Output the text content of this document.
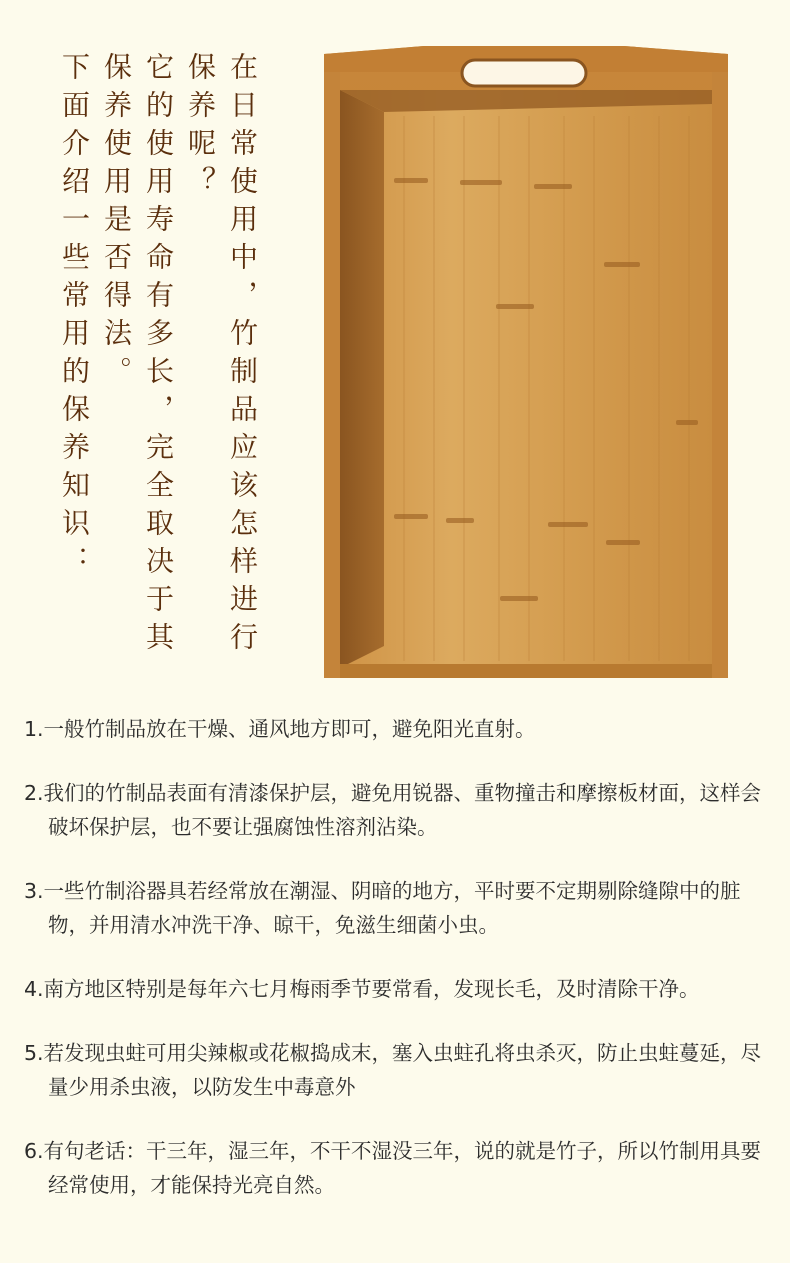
在日常使用中，竹制品应该怎样进行
保养呢？
它的使用寿命有多长，完全取决于其
保养使用是否得法。
下面介绍一些常用的保养知识：
1.一般竹制品放在干燥、通风地方即可，避免阳光直射。
2.我们的竹制品表面有清漆保护层，避免用锐器、重物撞击和摩擦板材面，这样会破坏保护层，也不要让强腐蚀性溶剂沾染。
3.一些竹制浴器具若经常放在潮湿、阴暗的地方，平时要不定期剔除缝隙中的脏物，并用清水冲洗干净、晾干，免滋生细菌小虫。
4.南方地区特别是每年六七月梅雨季节要常看，发现长毛，及时清除干净。
5.若发现虫蛀可用尖辣椒或花椒捣成末，塞入虫蛀孔将虫杀灭，防止虫蛀蔓延，尽量少用杀虫液，以防发生中毒意外
6.有句老话：干三年，湿三年，不干不湿没三年，说的就是竹子，所以竹制用具要经常使用，才能保持光亮自然。
